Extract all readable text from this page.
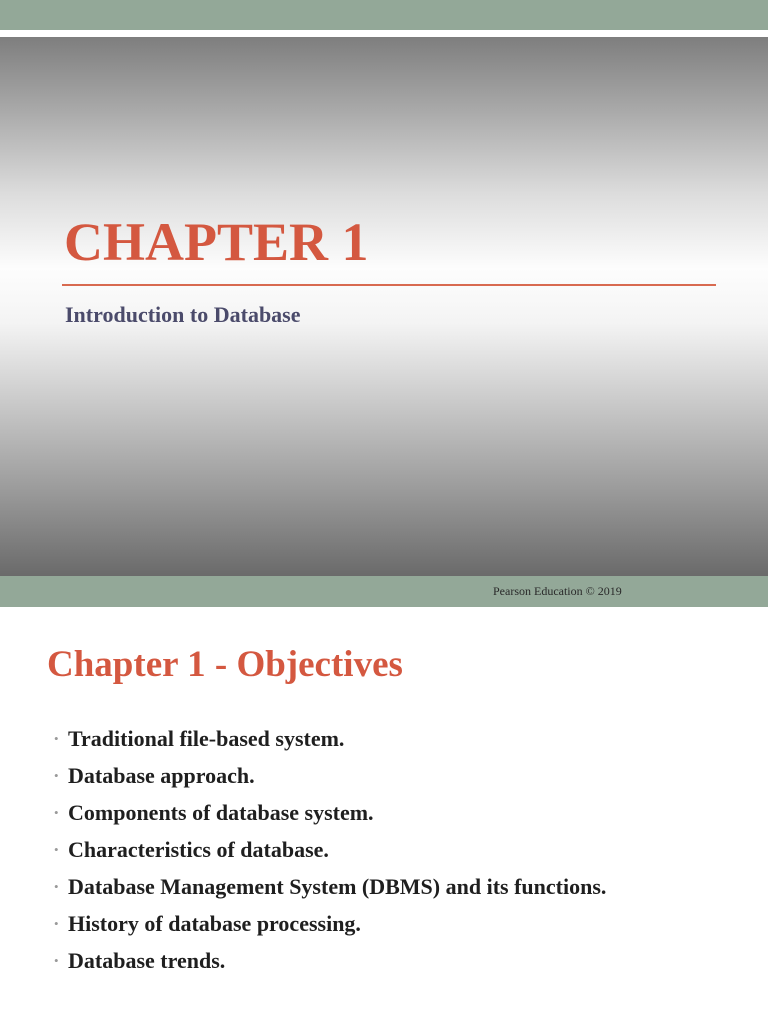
CHAPTER 1
Introduction to Database

Pearson Education © 2019

Chapter 1 - Objectives
• Traditional file-based system.
• Database approach.
• Components of database system.
• Characteristics of database.
• Database Management System (DBMS) and its functions.
• History of database processing.
• Database trends.
